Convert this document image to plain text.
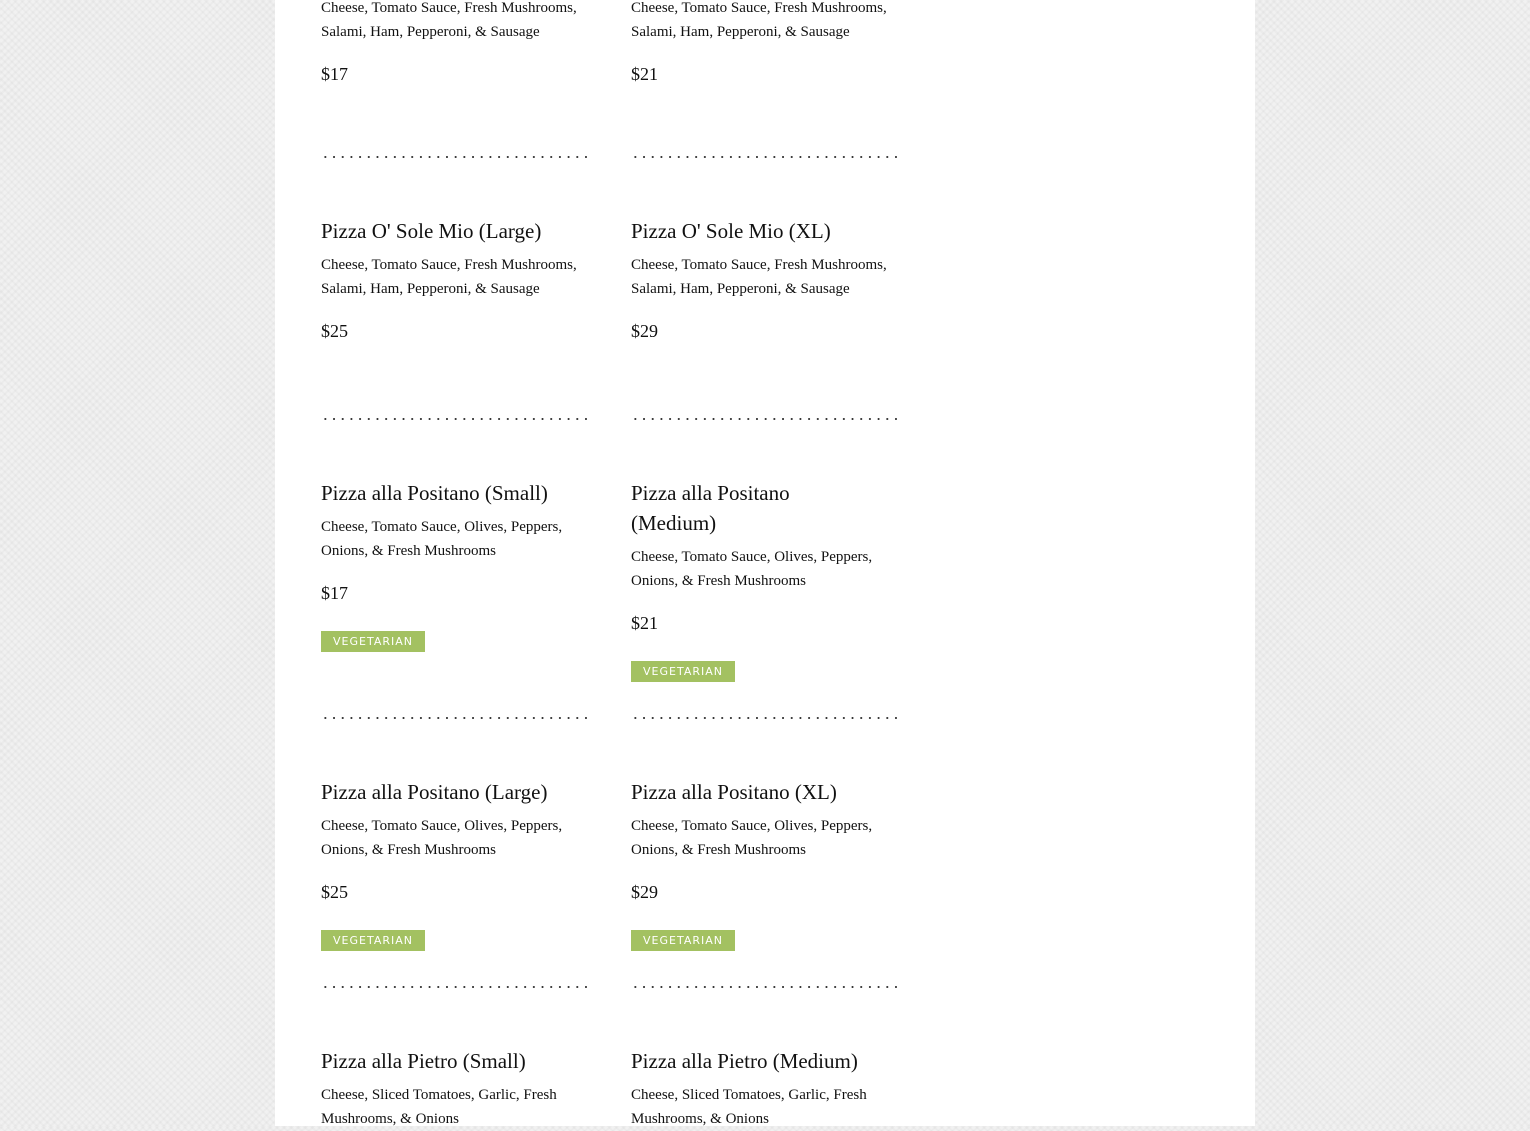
Cheese, Tomato Sauce, Fresh Mushrooms, Salami, Ham, Pepperoni, & Sausage

$17

Cheese, Tomato Sauce, Fresh Mushrooms, Salami, Ham, Pepperoni, & Sausage

$21

Pizza O' Sole Mio (Large)

Cheese, Tomato Sauce, Fresh Mushrooms, Salami, Ham, Pepperoni, & Sausage

$25

Pizza O' Sole Mio (XL)

Cheese, Tomato Sauce, Fresh Mushrooms, Salami, Ham, Pepperoni, & Sausage

$29

Pizza alla Positano (Small)

Cheese, Tomato Sauce, Olives, Peppers, Onions, & Fresh Mushrooms

$17

VEGETARIAN
Pizza alla Positano (Medium)

Cheese, Tomato Sauce, Olives, Peppers, Onions, & Fresh Mushrooms

$21

VEGETARIAN
Pizza alla Positano (Large)

Cheese, Tomato Sauce, Olives, Peppers, Onions, & Fresh Mushrooms

$25

VEGETARIAN
Pizza alla Positano (XL)

Cheese, Tomato Sauce, Olives, Peppers, Onions, & Fresh Mushrooms

$29

VEGETARIAN
Pizza alla Pietro (Small)

Cheese, Sliced Tomatoes, Garlic, Fresh Mushrooms, & Onions

Pizza alla Pietro (Medium)

Cheese, Sliced Tomatoes, Garlic, Fresh Mushrooms, & Onions
